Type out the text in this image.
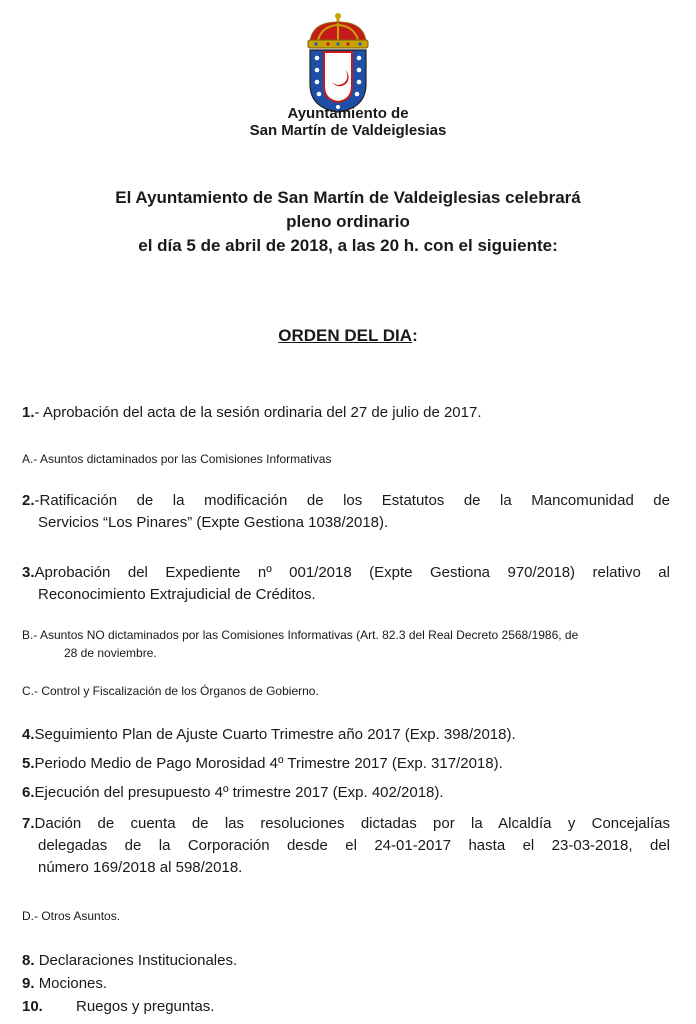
Ayuntamiento de
San Martín de Valdeiglesias
El Ayuntamiento de San Martín de Valdeiglesias celebrará
pleno ordinario
el día 5 de abril de 2018, a las 20 h. con el siguiente:
ORDEN DEL DIA:
1.- Aprobación del acta de la sesión ordinaria del 27 de julio de 2017.
A.- Asuntos dictaminados por las Comisiones Informativas
2.-Ratificación de la modificación de los Estatutos de la Mancomunidad de
Servicios “Los Pinares” (Expte Gestiona 1038/2018).
3.Aprobación del Expediente nº 001/2018 (Expte Gestiona 970/2018) relativo al
Reconocimiento Extrajudicial de Créditos.
B.- Asuntos NO dictaminados por las Comisiones Informativas (Art. 82.3 del Real Decreto 2568/1986, de
28 de noviembre.
C.- Control y Fiscalización de los Órganos de Gobierno.
4.Seguimiento Plan de Ajuste Cuarto Trimestre año 2017 (Exp. 398/2018).
5.Periodo Medio de Pago Morosidad 4º Trimestre 2017 (Exp. 317/2018).
6.Ejecución del presupuesto 4º trimestre 2017 (Exp. 402/2018).
7.Dación de cuenta de las resoluciones dictadas por la Alcaldía y Concejalías
delegadas de la Corporación desde el 24-01-2017 hasta el 23-03-2018, del
número 169/2018 al 598/2018.
D.- Otros Asuntos.
8. Declaraciones Institucionales.
9. Mociones.
10. Ruegos y preguntas.
